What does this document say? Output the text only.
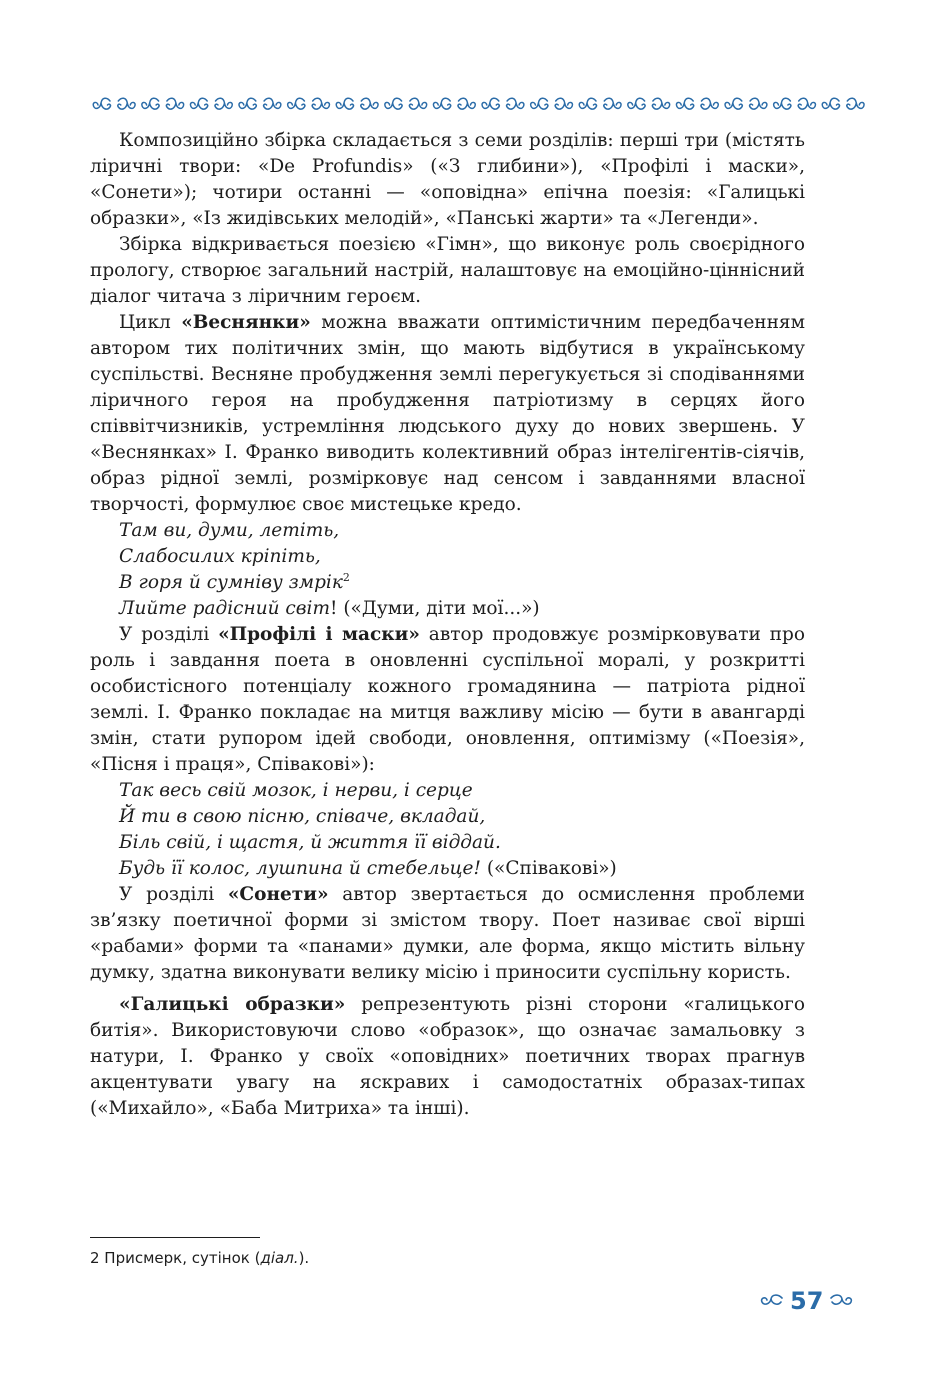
Композиційно збірка складається з семи розділів: перші три (містять ліричні твори: «De Profundis» («З глибини»), «Профілі і маски», «Сонети»); чотири останні — «оповідна» епічна поезія: «Галицькі образки», «Із жидівських мелодій», «Панські жарти» та «Легенди».

Збірка відкривається поезією «Гімн», що виконує роль своєрідного прологу, створює загальний настрій, налаштовує на емоційно-ціннісний діалог читача з ліричним героєм.

Цикл «Веснянки» можна вважати оптимістичним передбаченням автором тих політичних змін, що мають відбутися в українському суспільстві. Весняне пробудження землі перегукується зі сподіваннями ліричного героя на пробудження патріотизму в серцях його співвітчизників, устремління людського духу до нових звершень. У «Веснянках» І. Франко виводить колективний образ інтелігентів-сіячів, образ рідної землі, розмірковує над сенсом і завданнями власної творчості, формулює своє мистецьке кредо.

Там ви, думи, летіть,
Слабосилих кріпіть,
В горя й сумніву змрік$^2$
Лийте радісний світ! («Думи, діти мої...»)

У розділі «Профілі і маски» автор продовжує розмірковувати про роль і завдання поета в оновленні суспільної моралі, у розкритті особистісного потенціалу кожного громадянина — патріота рідної землі. І. Франко покладає на митця важливу місію — бути в авангарді змін, стати рупором ідей свободи, оновлення, оптимізму («Поезія», «Пісня і праця», Співакові»):

Так весь свій мозок, і нерви, і серце
Й ти в свою пісню, співаче, вкладай,
Біль свій, і щастя, й життя її віддай.
Будь її колос, лушпина й стебельце! («Співакові»)

У розділі «Сонети» автор звертається до осмислення проблеми зв’язку поетичної форми зі змістом твору. Поет називає свої вірші «рабами» форми та «панами» думки, але форма, якщо містить вільну думку, здатна виконувати велику місію і приносити суспільну користь.

«Галицькі образки» репрезентують різні сторони «галицького битія». Використовуючи слово «образок», що означає замальовку з натури, І. Франко у своїх «оповідних» поетичних творах прагнув акцентувати увагу на яскравих і самодостатніх образах-типах («Михайло», «Баба Митриха» та інші).

2 Присмерк, сутінок (діал.).
57
